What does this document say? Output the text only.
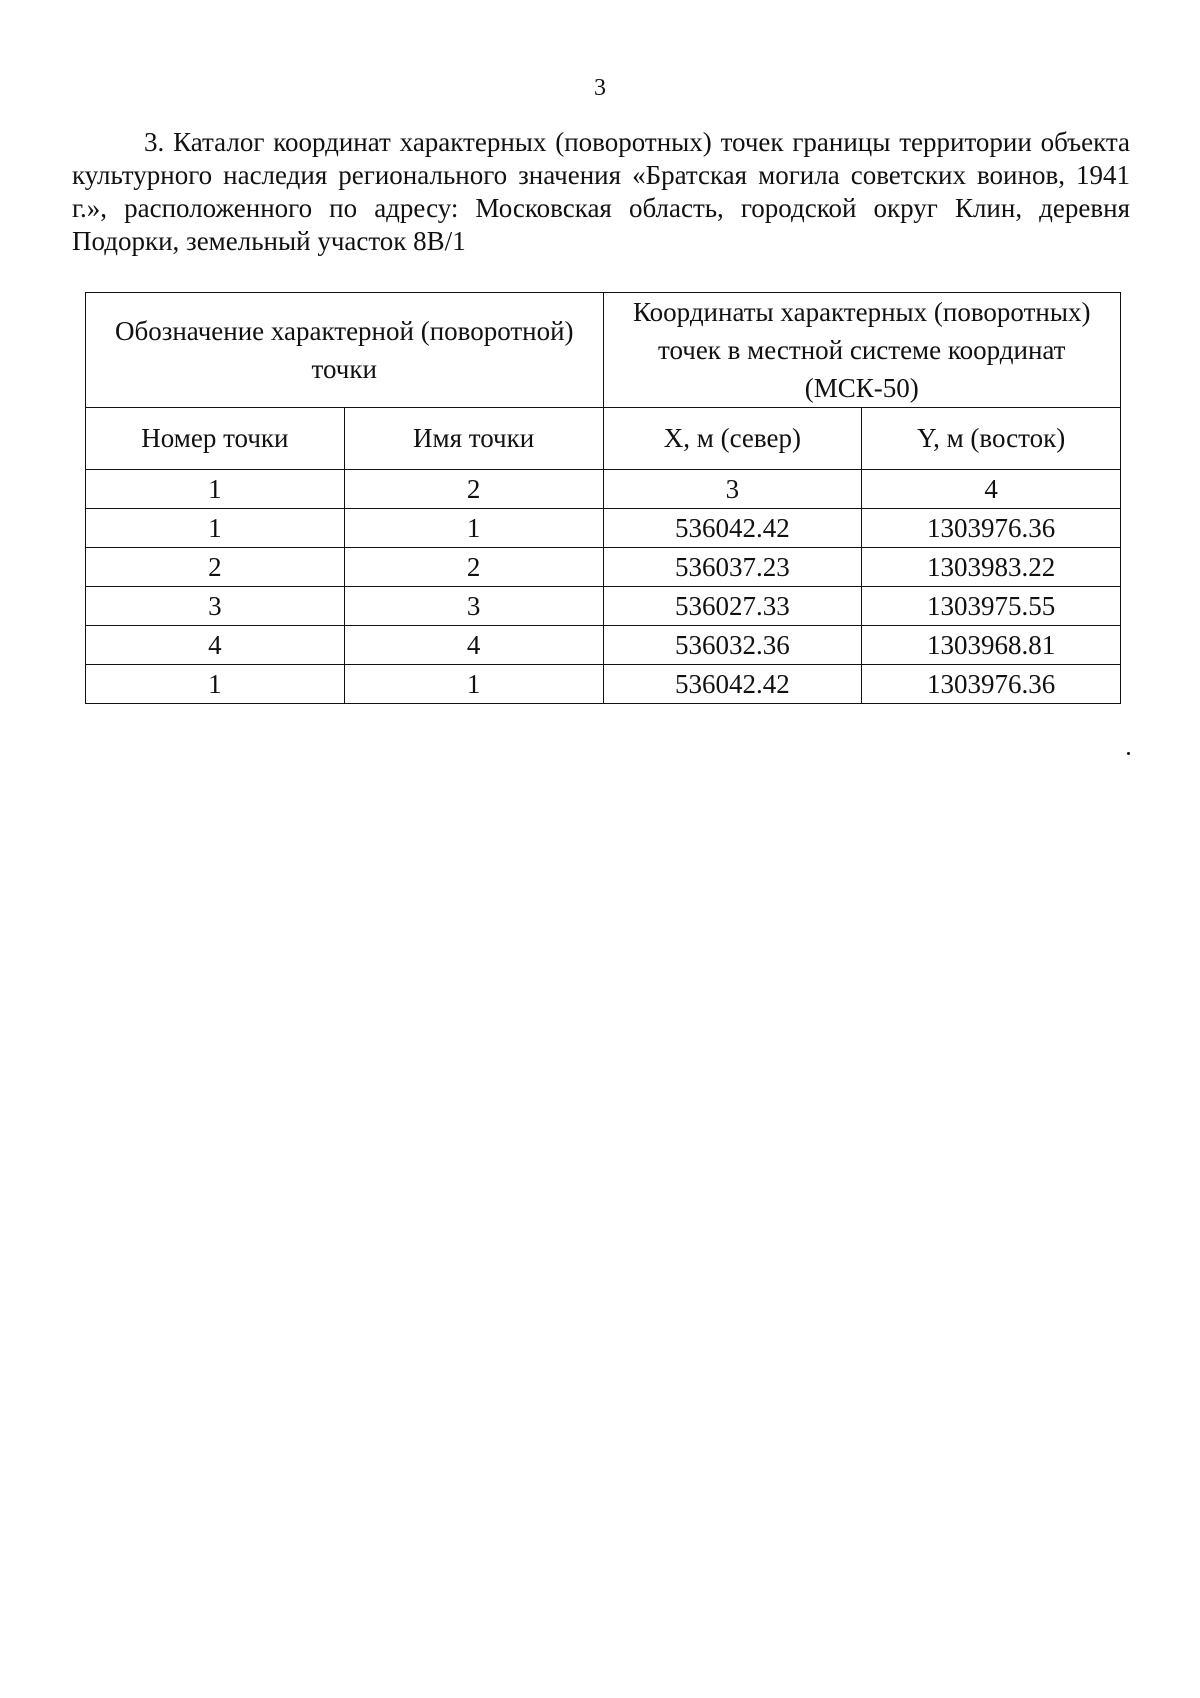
3

3. Каталог координат характерных (поворотных) точек границы территории объекта культурного наследия регионального значения «Братская могила советских воинов, 1941 г.», расположенного по адресу: Московская область, городской округ Клин, деревня Подорки, земельный участок 8В/1

Обозначение характерной (поворотной) точки		Координаты характерных (поворотных) точек в местной системе координат (МСК-50)	
Номер точки	Имя точки	X, м (север)	Y, м (восток)
1	2	3	4
1	1	536042.42	1303976.36
2	2	536037.23	1303983.22
3	3	536027.33	1303975.55
4	4	536032.36	1303968.81
1	1	536042.42	1303976.36
